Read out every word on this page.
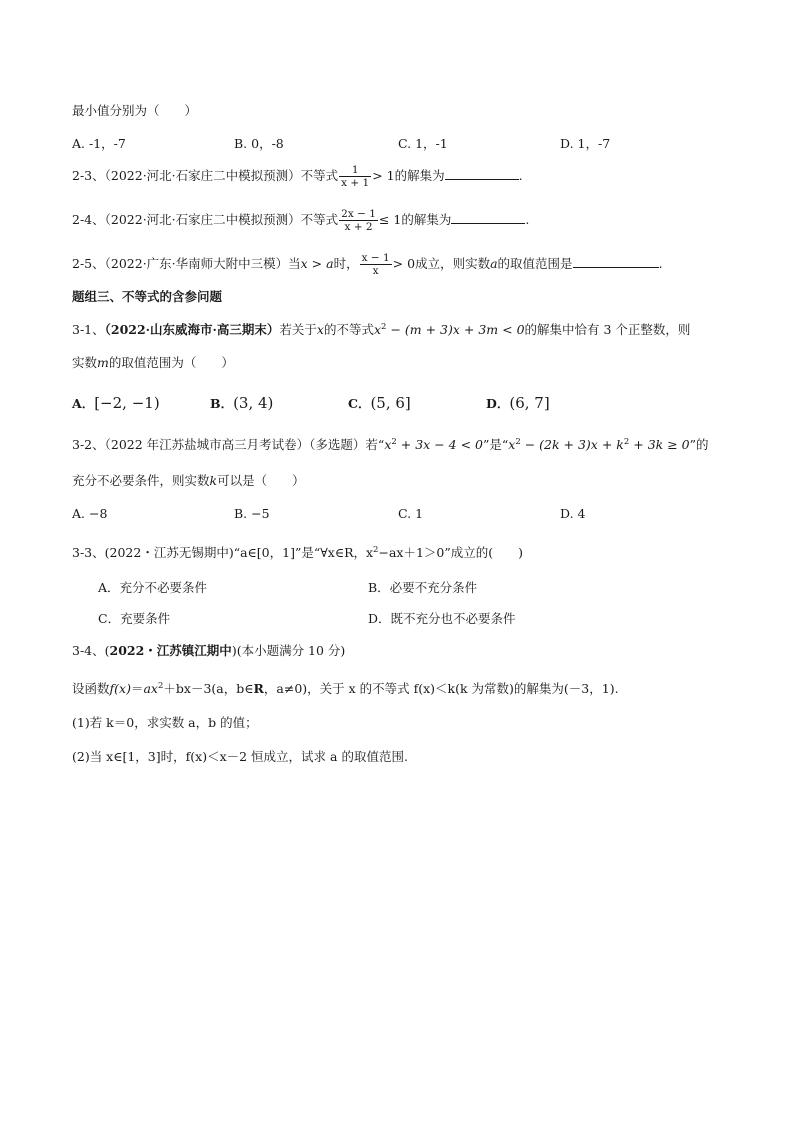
最小值分别为（　　）
A. -1，-7	B. 0，-8	C. 1，-1	D. 1，-7
2-3、（2022·河北·石家庄二中模拟预测）不等式 $\frac{1}{x + 1} > 1$的解集为	.
2-4、（2022·河北·石家庄二中模拟预测）不等式 $\frac{2x - 1}{x + 2} \le 1$的解集为	.
2-5、（2022·广东·华南师大附中三模）当x > a时， $\frac{x - 1}{x} > 0$成立，则实数a的取值范围是	.
题组三、不等式的含参问题
3-1、（2022·山东威海市·高三期末）若关于x的不等式$x^2 - (m + 3)x + 3m < 0$的解集中恰有 3 个正整数，则
实数m的取值范围为（　　）
A．[−2, −1)	B．(3, 4)	C．(5, 6]	D．(6, 7]
3-2、（2022 年江苏盐城市高三月考试卷）（多选题）若“$x^2 + 3x - 4 < 0$”是“$x^2 - (2k + 3)x + k^2 + 3k \ge 0$”的
充分不必要条件，则实数k可以是（　　）
A. −8	B. −5	C. 1	D. 4
3-3、(2022・江苏无锡期中)“a∈[0，1]”是“∀x∈R，$x^2-ax+1>0$”成立的(　　)
A．充分不必要条件	B．必要不充分条件
C．充要条件	D．既不充分也不必要条件
3-4、(2022・江苏镇江期中)(本小题满分 10 分)
设函数$f(x)=ax^2+bx-3(a$，b∈R，a≠0)，关于 x 的不等式 f(x)＜k(k 为常数)的解集为(－3，1).
(1)若 k＝0，求实数 a，b 的值；
(2)当 x∈[1，3]时，f(x)＜x－2 恒成立，试求 a 的取值范围.
